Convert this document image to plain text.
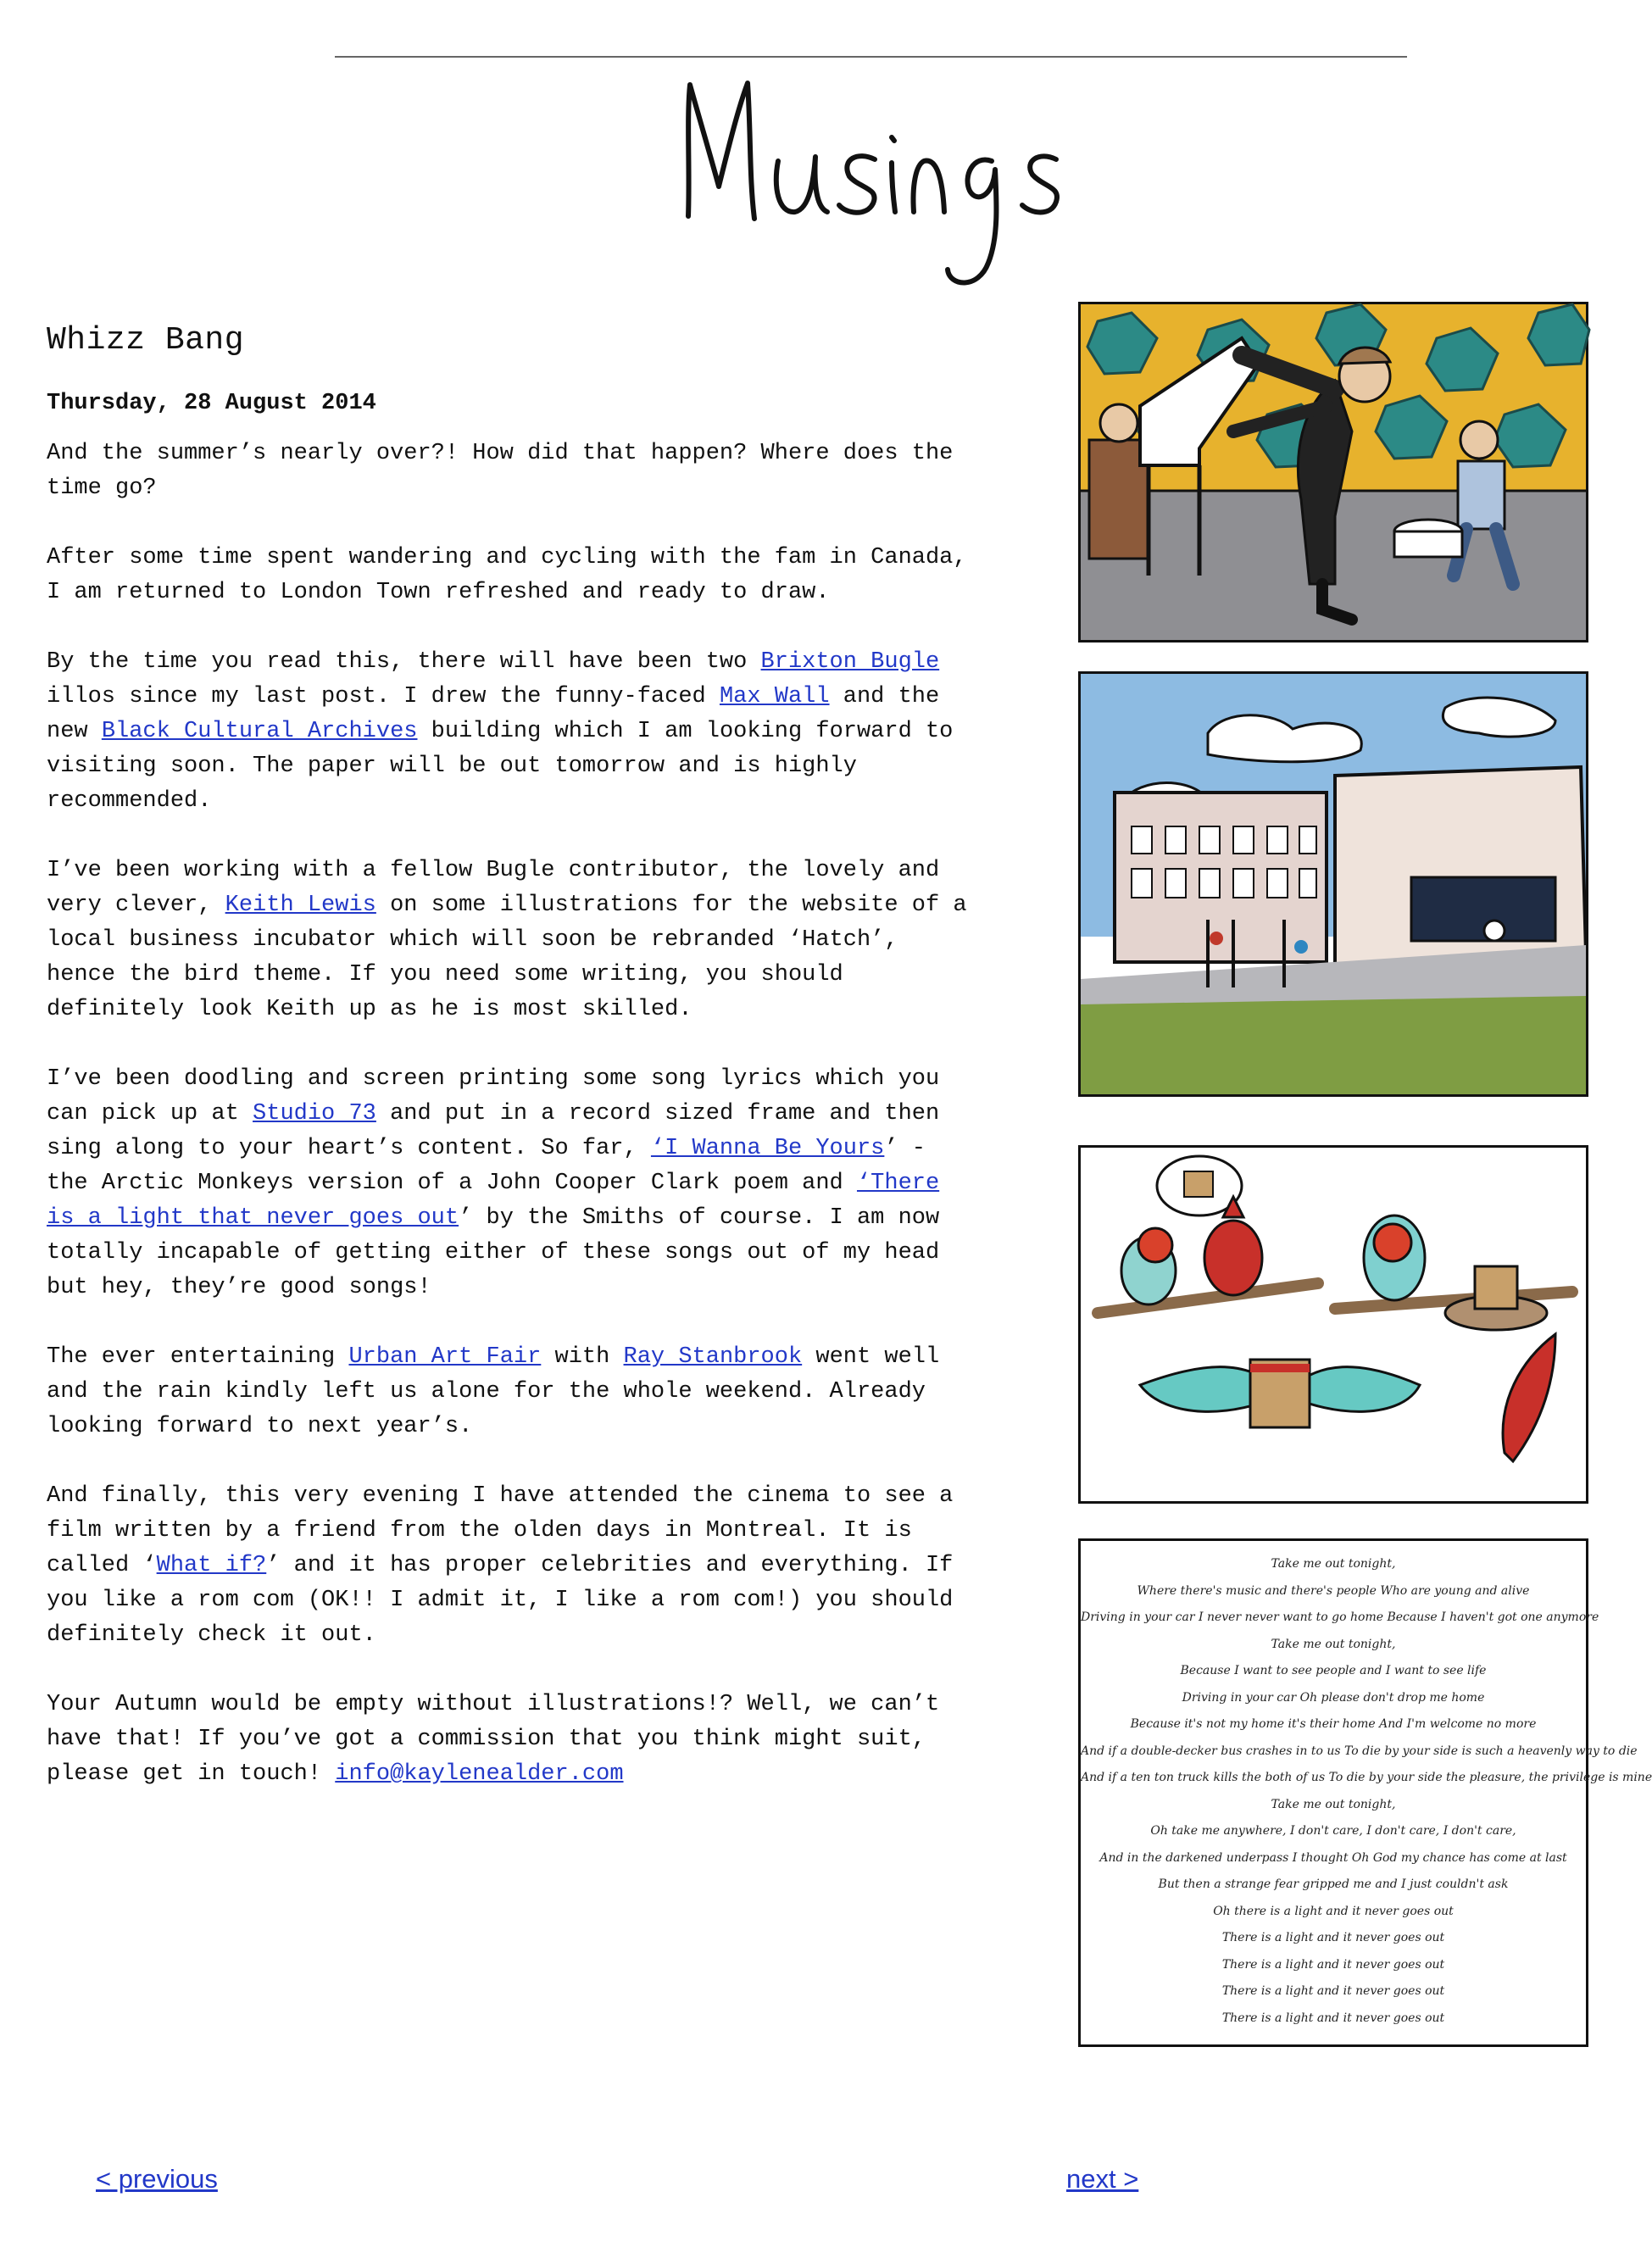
Whizz Bang
Thursday, 28 August 2014

And the summer’s nearly over?! How did that happen? Where does the time go?

After some time spent wandering and cycling with the fam in Canada, I am returned to London Town refreshed and ready to draw.

By the time you read this, there will have been two Brixton Bugle illos since my last post. I drew the funny-faced Max Wall and the new Black Cultural Archives building which I am looking forward to visiting soon. The paper will be out tomorrow and is highly recommended.

I’ve been working with a fellow Bugle contributor, the lovely and very clever, Keith Lewis on some illustrations for the website of a local business incubator which will soon be rebranded ‘Hatch’, hence the bird theme. If you need some writing, you should definitely look Keith up as he is most skilled.

I’ve been doodling and screen printing some song lyrics which you can pick up at Studio 73 and put in a record sized frame and then sing along to your heart’s content. So far, ‘I Wanna Be Yours’ - the Arctic Monkeys version of a John Cooper Clark poem and ‘There is a light that never goes out’ by the Smiths of course. I am now totally incapable of getting either of these songs out of my head but hey, they’re good songs!

The ever entertaining Urban Art Fair with Ray Stanbrook went well and the rain kindly left us alone for the whole weekend. Already looking forward to next year’s.

And finally, this very evening I have attended the cinema to see a film written by a friend from the olden days in Montreal. It is called ‘What if?’ and it has proper celebrities and everything. If you like a rom com (OK!! I admit it, I like a rom com!) you should definitely check it out.

Your Autumn would be empty without illustrations!? Well, we can’t have that! If you’ve got a commission that you think might suit, please get in touch! info@kaylenealder.com

Take me out tonight,
Where there's music and there's people Who are young and alive
Driving in your car I never never want to go home Because I haven't got one anymore
Take me out tonight,
Because I want to see people and I want to see life
Driving in your car Oh please don't drop me home
Because it's not my home it's their home And I'm welcome no more
And if a double-decker bus crashes in to us To die by your side is such a heavenly way to die
And if a ten ton truck kills the both of us To die by your side the pleasure, the privilege is mine
Take me out tonight,
Oh take me anywhere, I don't care, I don't care, I don't care,
And in the darkened underpass I thought Oh God my chance has come at last
But then a strange fear gripped me and I just couldn't ask
Oh there is a light and it never goes out
There is a light and it never goes out
There is a light and it never goes out
There is a light and it never goes out
There is a light and it never goes out
< previous	next >
